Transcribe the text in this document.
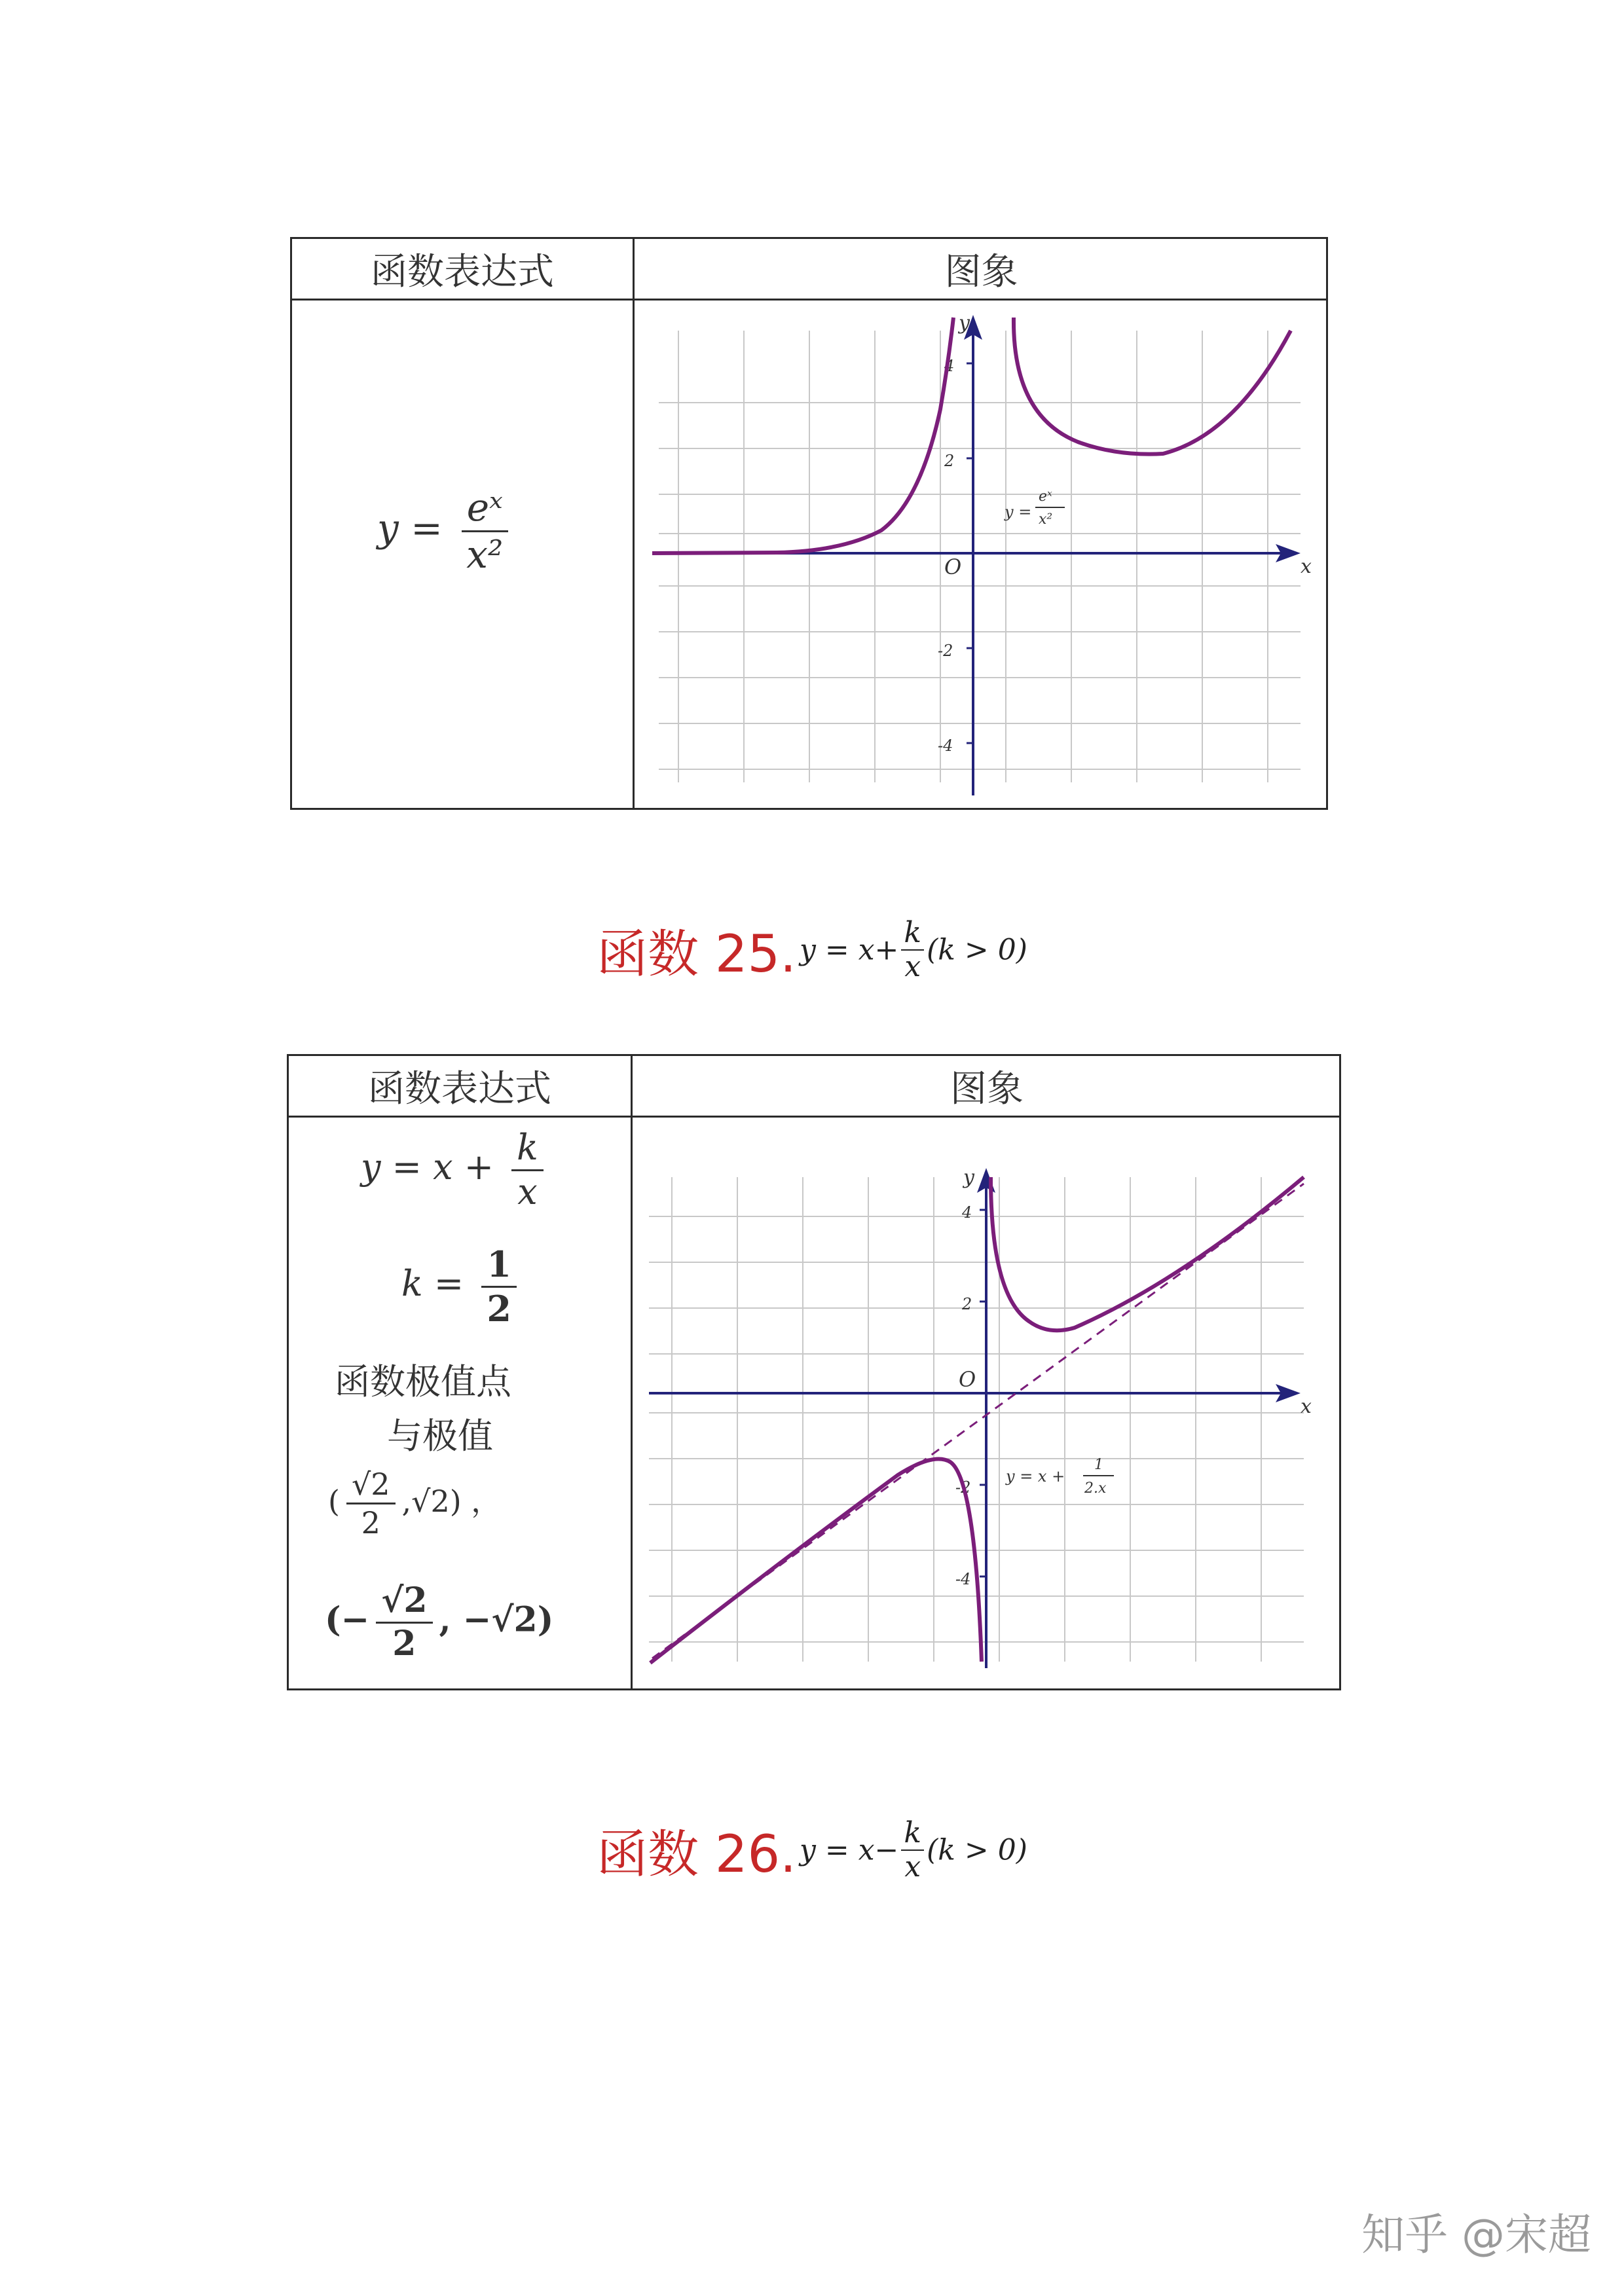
函数表达式	图象
$y = \frac{\text{eˣ}}{\text{x²}}$
y
x
O
4
2
-2
-4
y =
eˣ
x²
函数 25. $y = x+ \frac{k}{x} (k > 0)$
函数表达式	图象
$y = x + \frac{k}{x}$
$k = \frac{1}{2}$
函数极值点
与极值
( $\frac{√2}{2} ,√2$) ，
(− $\frac{√2}{2}$ , −√2)
y
x
O
4
2
-2
-4
y = x +
1
2.x
函数 26. $y = x- \frac{k}{x} (k > 0)$
知乎 @宋超
